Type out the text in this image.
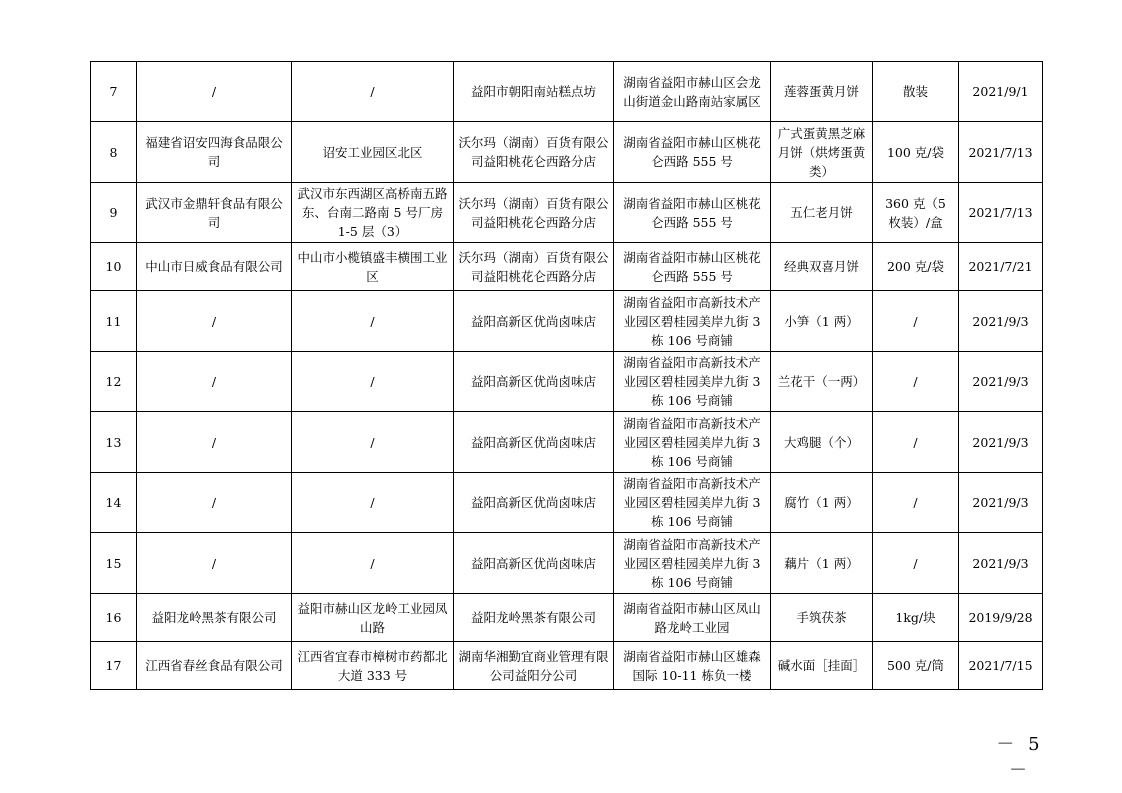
7	/	/	益阳市朝阳南站糕点坊	湖南省益阳市赫山区会龙山街道金山路南站家属区	莲蓉蛋黄月饼	散装	2021/9/1
8	福建省诏安四海食品限公司	诏安工业园区北区	沃尔玛（湖南）百货有限公司益阳桃花仑西路分店	湖南省益阳市赫山区桃花仑西路 555 号	广式蛋黄黑芝麻月饼（烘烤蛋黄类）	100 克/袋	2021/7/13
9	武汉市金鼎轩食品有限公司	武汉市东西湖区高桥南五路东、台南二路南 5 号厂房 1-5 层（3）	沃尔玛（湖南）百货有限公司益阳桃花仑西路分店	湖南省益阳市赫山区桃花仑西路 555 号	五仁老月饼	360 克（5 枚装）/盒	2021/7/13
10	中山市日威食品有限公司	中山市小榄镇盛丰横围工业区	沃尔玛（湖南）百货有限公司益阳桃花仑西路分店	湖南省益阳市赫山区桃花仑西路 555 号	经典双喜月饼	200 克/袋	2021/7/21
11	/	/	益阳高新区优尚卤味店	湖南省益阳市高新技术产业园区碧桂园美岸九街 3 栋 106 号商铺	小笋（1 两）	/	2021/9/3
12	/	/	益阳高新区优尚卤味店	湖南省益阳市高新技术产业园区碧桂园美岸九街 3 栋 106 号商铺	兰花干（一两）	/	2021/9/3
13	/	/	益阳高新区优尚卤味店	湖南省益阳市高新技术产业园区碧桂园美岸九街 3 栋 106 号商铺	大鸡腿（个）	/	2021/9/3
14	/	/	益阳高新区优尚卤味店	湖南省益阳市高新技术产业园区碧桂园美岸九街 3 栋 106 号商铺	腐竹（1 两）	/	2021/9/3
15	/	/	益阳高新区优尚卤味店	湖南省益阳市高新技术产业园区碧桂园美岸九街 3 栋 106 号商铺	藕片（1 两）	/	2021/9/3
16	益阳龙岭黑茶有限公司	益阳市赫山区龙岭工业园凤山路	益阳龙岭黑茶有限公司	湖南省益阳市赫山区凤山路龙岭工业园	手筑茯茶	1kg/块	2019/9/28
17	江西省春丝食品有限公司	江西省宜春市樟树市药都北大道 333 号	湖南华湘勤宜商业管理有限公司益阳分公司	湖南省益阳市赫山区雄森国际 10-11 栋负一楼	碱水面［挂面］	500 克/筒	2021/7/15
－ 5 －
